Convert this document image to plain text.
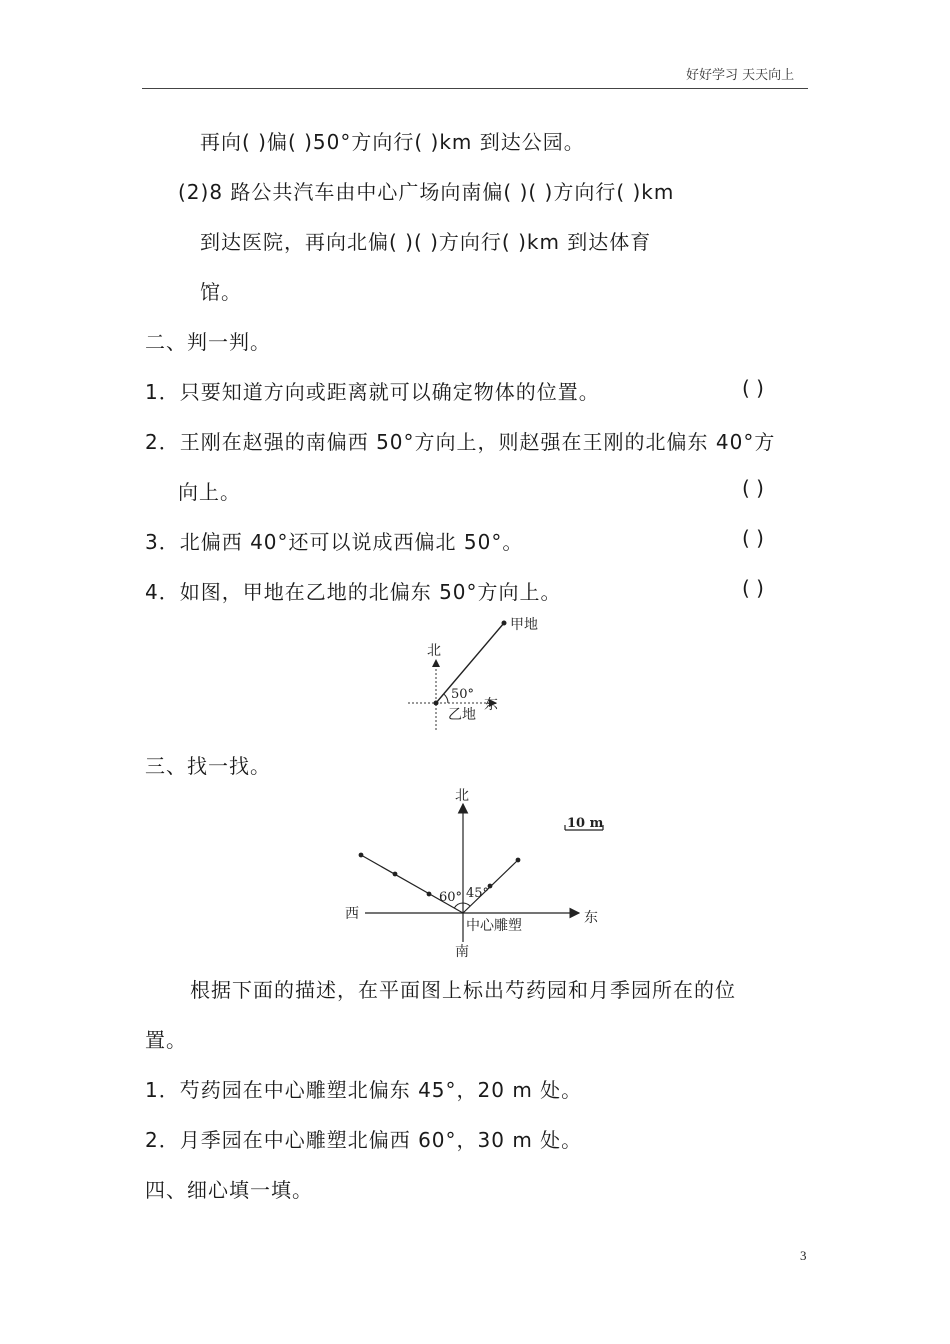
好好学习 天天向上
再向( )偏( )50°方向行( )km 到达公园。
(2)8 路公共汽车由中心广场向南偏( )( )方向行( )km
到达医院，再向北偏( )( )方向行( )km 到达体育
馆。
二、判一判。
1．只要知道方向或距离就可以确定物体的位置。	( )
2．王刚在赵强的南偏西 50°方向上，则赵强在王刚的北偏东 40°方
向上。	( )
3．北偏西 40°还可以说成西偏北 50°。	( )
4．如图，甲地在乙地的北偏东 50°方向上。	( )
北
甲地
50°
东
乙地
三、找一找。
北
10 m
60° 45°
西	东
中心雕塑
南
根据下面的描述，在平面图上标出芍药园和月季园所在的位
置。
1．芍药园在中心雕塑北偏东 45°，20 m 处。
2．月季园在中心雕塑北偏西 60°，30 m 处。
四、细心填一填。
3
